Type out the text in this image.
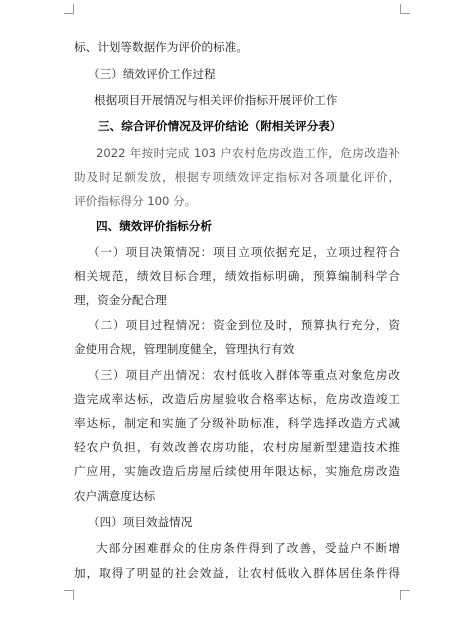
标、计划等数据作为评价的标准。
（三）绩效评价工作过程
根据项目开展情况与相关评价指标开展评价工作
三、综合评价情况及评价结论（附相关评分表）
2022 年按时完成 103 户农村危房改造工作，危房改造补
助及时足额发放，根据专项绩效评定指标对各项量化评价，
评价指标得分 100 分。
四、绩效评价指标分析
（一）项目决策情况：项目立项依据充足，立项过程符合
相关规范，绩效目标合理，绩效指标明确，预算编制科学合
理，资金分配合理
（二）项目过程情况：资金到位及时，预算执行充分，资
金使用合规，管理制度健全，管理执行有效
（三）项目产出情况：农村低收入群体等重点对象危房改
造完成率达标，改造后房屋验收合格率达标，危房改造竣工
率达标，制定和实施了分级补助标准，科学选择改造方式减
轻农户负担，有效改善农房功能，农村房屋新型建造技术推
广应用，实施改造后房屋后续使用年限达标，实施危房改造
农户满意度达标
（四）项目效益情况
大部分困难群众的住房条件得到了改善，受益户不断增
加，取得了明显的社会效益，让农村低收入群体居住条件得
